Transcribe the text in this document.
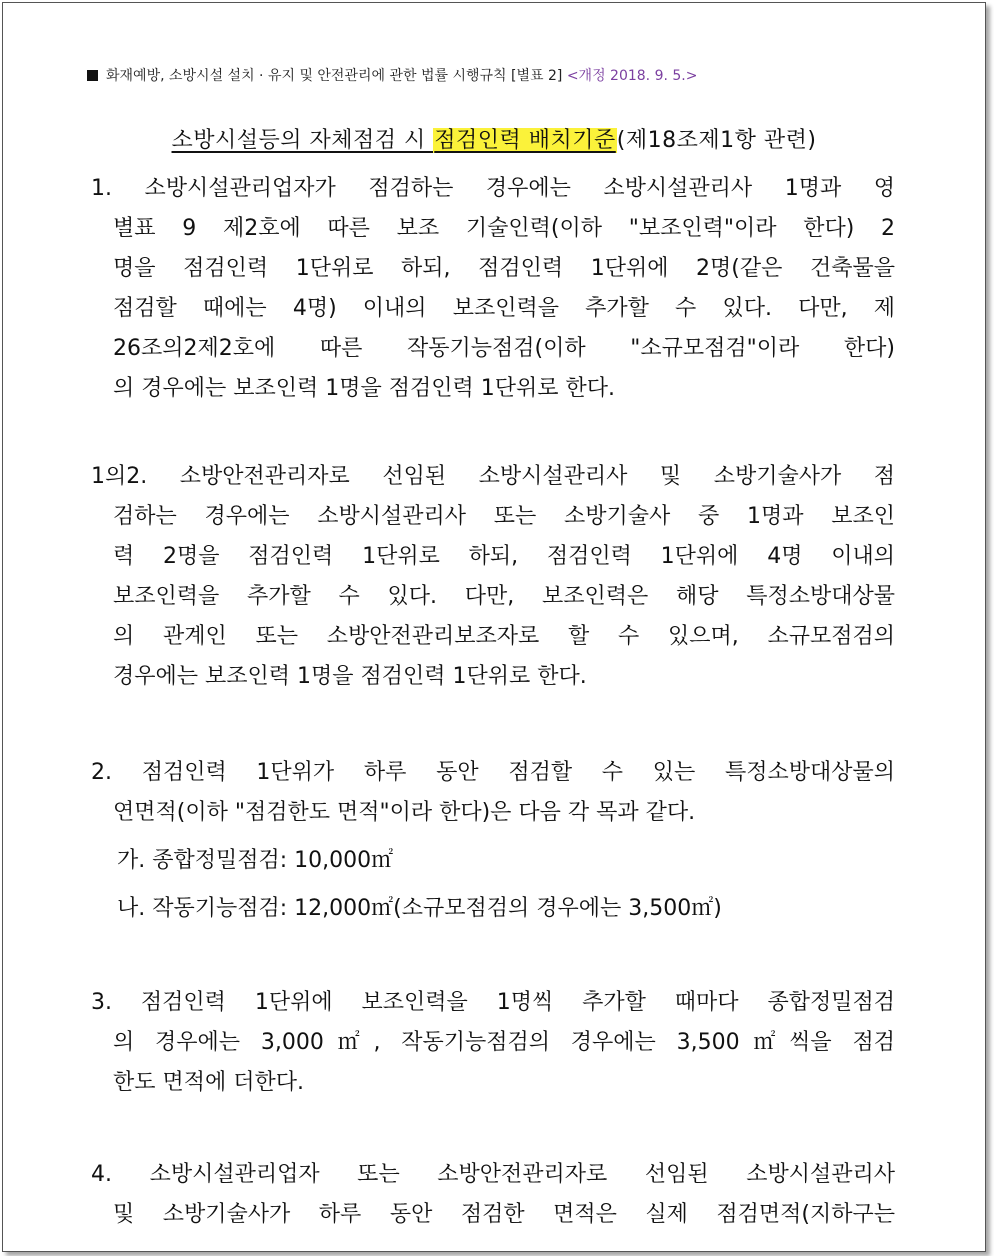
화재예방, 소방시설 설치 · 유지 및 안전관리에 관한 법률 시행규칙 [별표 2] <개정 2018. 9. 5.>
소방시설등의 자체점검 시 점검인력 배치기준(제18조제1항 관련)
1. 소방시설관리업자가 점검하는 경우에는 소방시설관리사 1명과 영
별표 9 제2호에 따른 보조 기술인력(이하 "보조인력"이라 한다) 2
명을 점검인력 1단위로 하되, 점검인력 1단위에 2명(같은 건축물을
점검할 때에는 4명) 이내의 보조인력을 추가할 수 있다. 다만, 제
26조의2제2호에 따른 작동기능점검(이하 "소규모점검"이라 한다)
의 경우에는 보조인력 1명을 점검인력 1단위로 한다.
1의2. 소방안전관리자로 선임된 소방시설관리사 및 소방기술사가 점
검하는 경우에는 소방시설관리사 또는 소방기술사 중 1명과 보조인
력 2명을 점검인력 1단위로 하되, 점검인력 1단위에 4명 이내의
보조인력을 추가할 수 있다. 다만, 보조인력은 해당 특정소방대상물
의 관계인 또는 소방안전관리보조자로 할 수 있으며, 소규모점검의
경우에는 보조인력 1명을 점검인력 1단위로 한다.
2. 점검인력 1단위가 하루 동안 점검할 수 있는 특정소방대상물의
연면적(이하 "점검한도 면적"이라 한다)은 다음 각 목과 같다.
가. 종합정밀점검: 10,000㎡
나. 작동기능점검: 12,000㎡(소규모점검의 경우에는 3,500㎡)
3. 점검인력 1단위에 보조인력을 1명씩 추가할 때마다 종합정밀점검
의 경우에는 3,000㎡, 작동기능점검의 경우에는 3,500㎡씩을 점검
한도 면적에 더한다.
4. 소방시설관리업자 또는 소방안전관리자로 선임된 소방시설관리사
및 소방기술사가 하루 동안 점검한 면적은 실제 점검면적(지하구는
